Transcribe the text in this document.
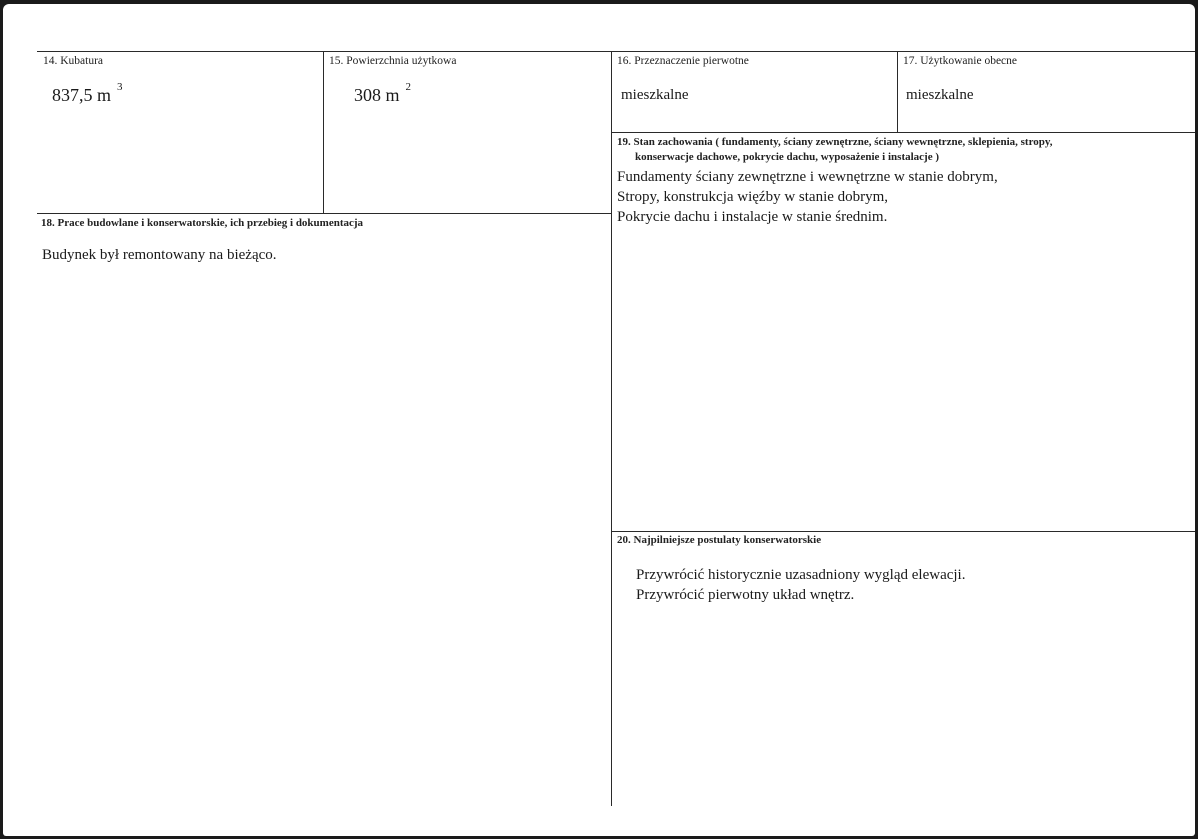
14. Kubatura
837,5 m $^3$
15. Powierzchnia użytkowa
308 m $^2$
16. Przeznaczenie pierwotne
mieszkalne
17. Użytkowanie obecne
mieszkalne
19. Stan zachowania ( fundamenty, ściany zewnętrzne, ściany wewnętrzne, sklepienia, stropy,
konserwacje dachowe, pokrycie dachu, wyposażenie i instalacje )
Fundamenty ściany zewnętrzne i wewnętrzne w stanie dobrym,
Stropy, konstrukcja więźby w stanie dobrym,
Pokrycie dachu i instalacje w stanie średnim.
18. Prace budowlane i konserwatorskie, ich przebieg i dokumentacja
Budynek był remontowany na bieżąco.
20. Najpilniejsze postulaty konserwatorskie
Przywrócić historycznie uzasadniony wygląd elewacji.
Przywrócić pierwotny układ wnętrz.
